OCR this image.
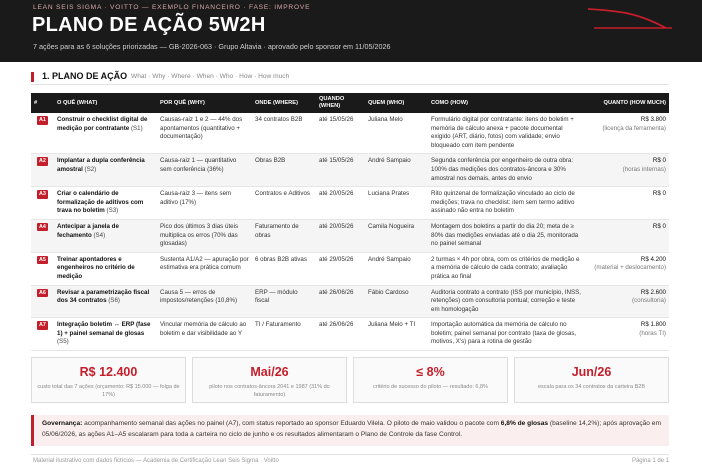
LEAN SEIS SIGMA · VOITTO — EXEMPLO FINANCEIRO · FASE: IMPROVE
PLANO DE AÇÃO 5W2H
7 ações para as 6 soluções priorizadas — GB-2026-063 · Grupo Altavia · aprovado pelo sponsor em 11/05/2026
1. PLANO DE AÇÃO What · Why · Where · When · Who · How · How much
#	O QUÊ (WHAT)	POR QUÊ (WHY)	ONDE (WHERE)	QUANDO
(WHEN)	QUEM (WHO)	COMO (HOW)	QUANTO (HOW MUCH)
A1	Construir o checklist digital de medição por contratante (S1)	Causas-raiz 1 e 2 — 44% dos apontamentos (quantitativo + documentação)	34 contratos B2B	até 15/05/26	Juliana Melo	Formulário digital por contratante: itens do boletim + memória de cálculo anexa + pacote documental exigido (ART, diário, fotos) com validade; envio bloqueado com item pendente	R$ 3.800
(licença da ferramenta)

A2	Implantar a dupla conferência amostral (S2)	Causa-raiz 1 — quantitativo sem conferência (36%)	Obras B2B	até 15/05/26	André Sampaio	Segunda conferência por engenheiro de outra obra: 100% das medições dos contratos-âncora e 30% amostral nos demais, antes do envio	R$ 0
(horas internas)

A3	Criar o calendário de formalização de aditivos com trava no boletim (S3)	Causa-raiz 3 — itens sem aditivo (17%)	Contratos e Aditivos	até 20/05/26	Luciana Prates	Rito quinzenal de formalização vinculado ao ciclo de medições; trava no checklist: item sem termo aditivo assinado não entra no boletim	R$ 0

A4	Antecipar a janela de fechamento (S4)	Pico dos últimos 3 dias úteis multiplica os erros (70% das glosadas)	Faturamento de obras	até 20/05/26	Camila Nogueira	Montagem dos boletins a partir do dia 20; meta de ≥ 80% das medições enviadas até o dia 25, monitorada no painel semanal	R$ 0

A5	Treinar apontadores e engenheiros no critério de medição	Sustenta A1/A2 — apuração por estimativa era prática comum	6 obras B2B ativas	até 29/05/26	André Sampaio	2 turmas × 4h por obra, com os critérios de medição e a memória de cálculo de cada contrato; avaliação prática ao final	R$ 4.200
(material + deslocamento)

A6	Revisar a parametrização fiscal dos 34 contratos (S6)	Causa 5 — erros de impostos/retenções (10,8%)	ERP — módulo fiscal	até 26/06/26	Fábio Cardoso	Auditoria contrato a contrato (ISS por município, INSS, retenções) com consultoria pontual; correção e teste em homologação	R$ 2.600
(consultoria)

A7	Integração boletim ↔ ERP (fase 1) + painel semanal de glosas (S5)	Vincular memória de cálculo ao boletim e dar visibilidade ao Y	TI / Faturamento	até 26/06/26	Juliana Melo + TI	Importação automática da memória de cálculo no boletim; painel semanal por contrato (taxa de glosas, motivos, X's) para a rotina de gestão	R$ 1.800
(horas TI)
R$ 12.400
custo total das 7 ações (orçamento: R$ 15.000 — folga de 17%)
Mai/26
piloto nos contratos-âncora 2041 e 1987 (31% do faturamento)
≤ 8%
critério de sucesso do piloto — resultado: 6,8%
Jun/26
escala para os 34 contratos da carteira B2B
Governança: acompanhamento semanal das ações no painel (A7), com status reportado ao sponsor Eduardo Vilela. O piloto de maio validou o pacote com 6,8% de glosas (baseline 14,2%); após aprovação em 05/06/2026, as ações A1–A5 escalaram para toda a carteira no ciclo de junho e os resultados alimentaram o Plano de Controle da fase Control.
Material ilustrativo com dados fictícios — Academia de Certificação Lean Seis Sigma · Voitto	Página 1 de 1
